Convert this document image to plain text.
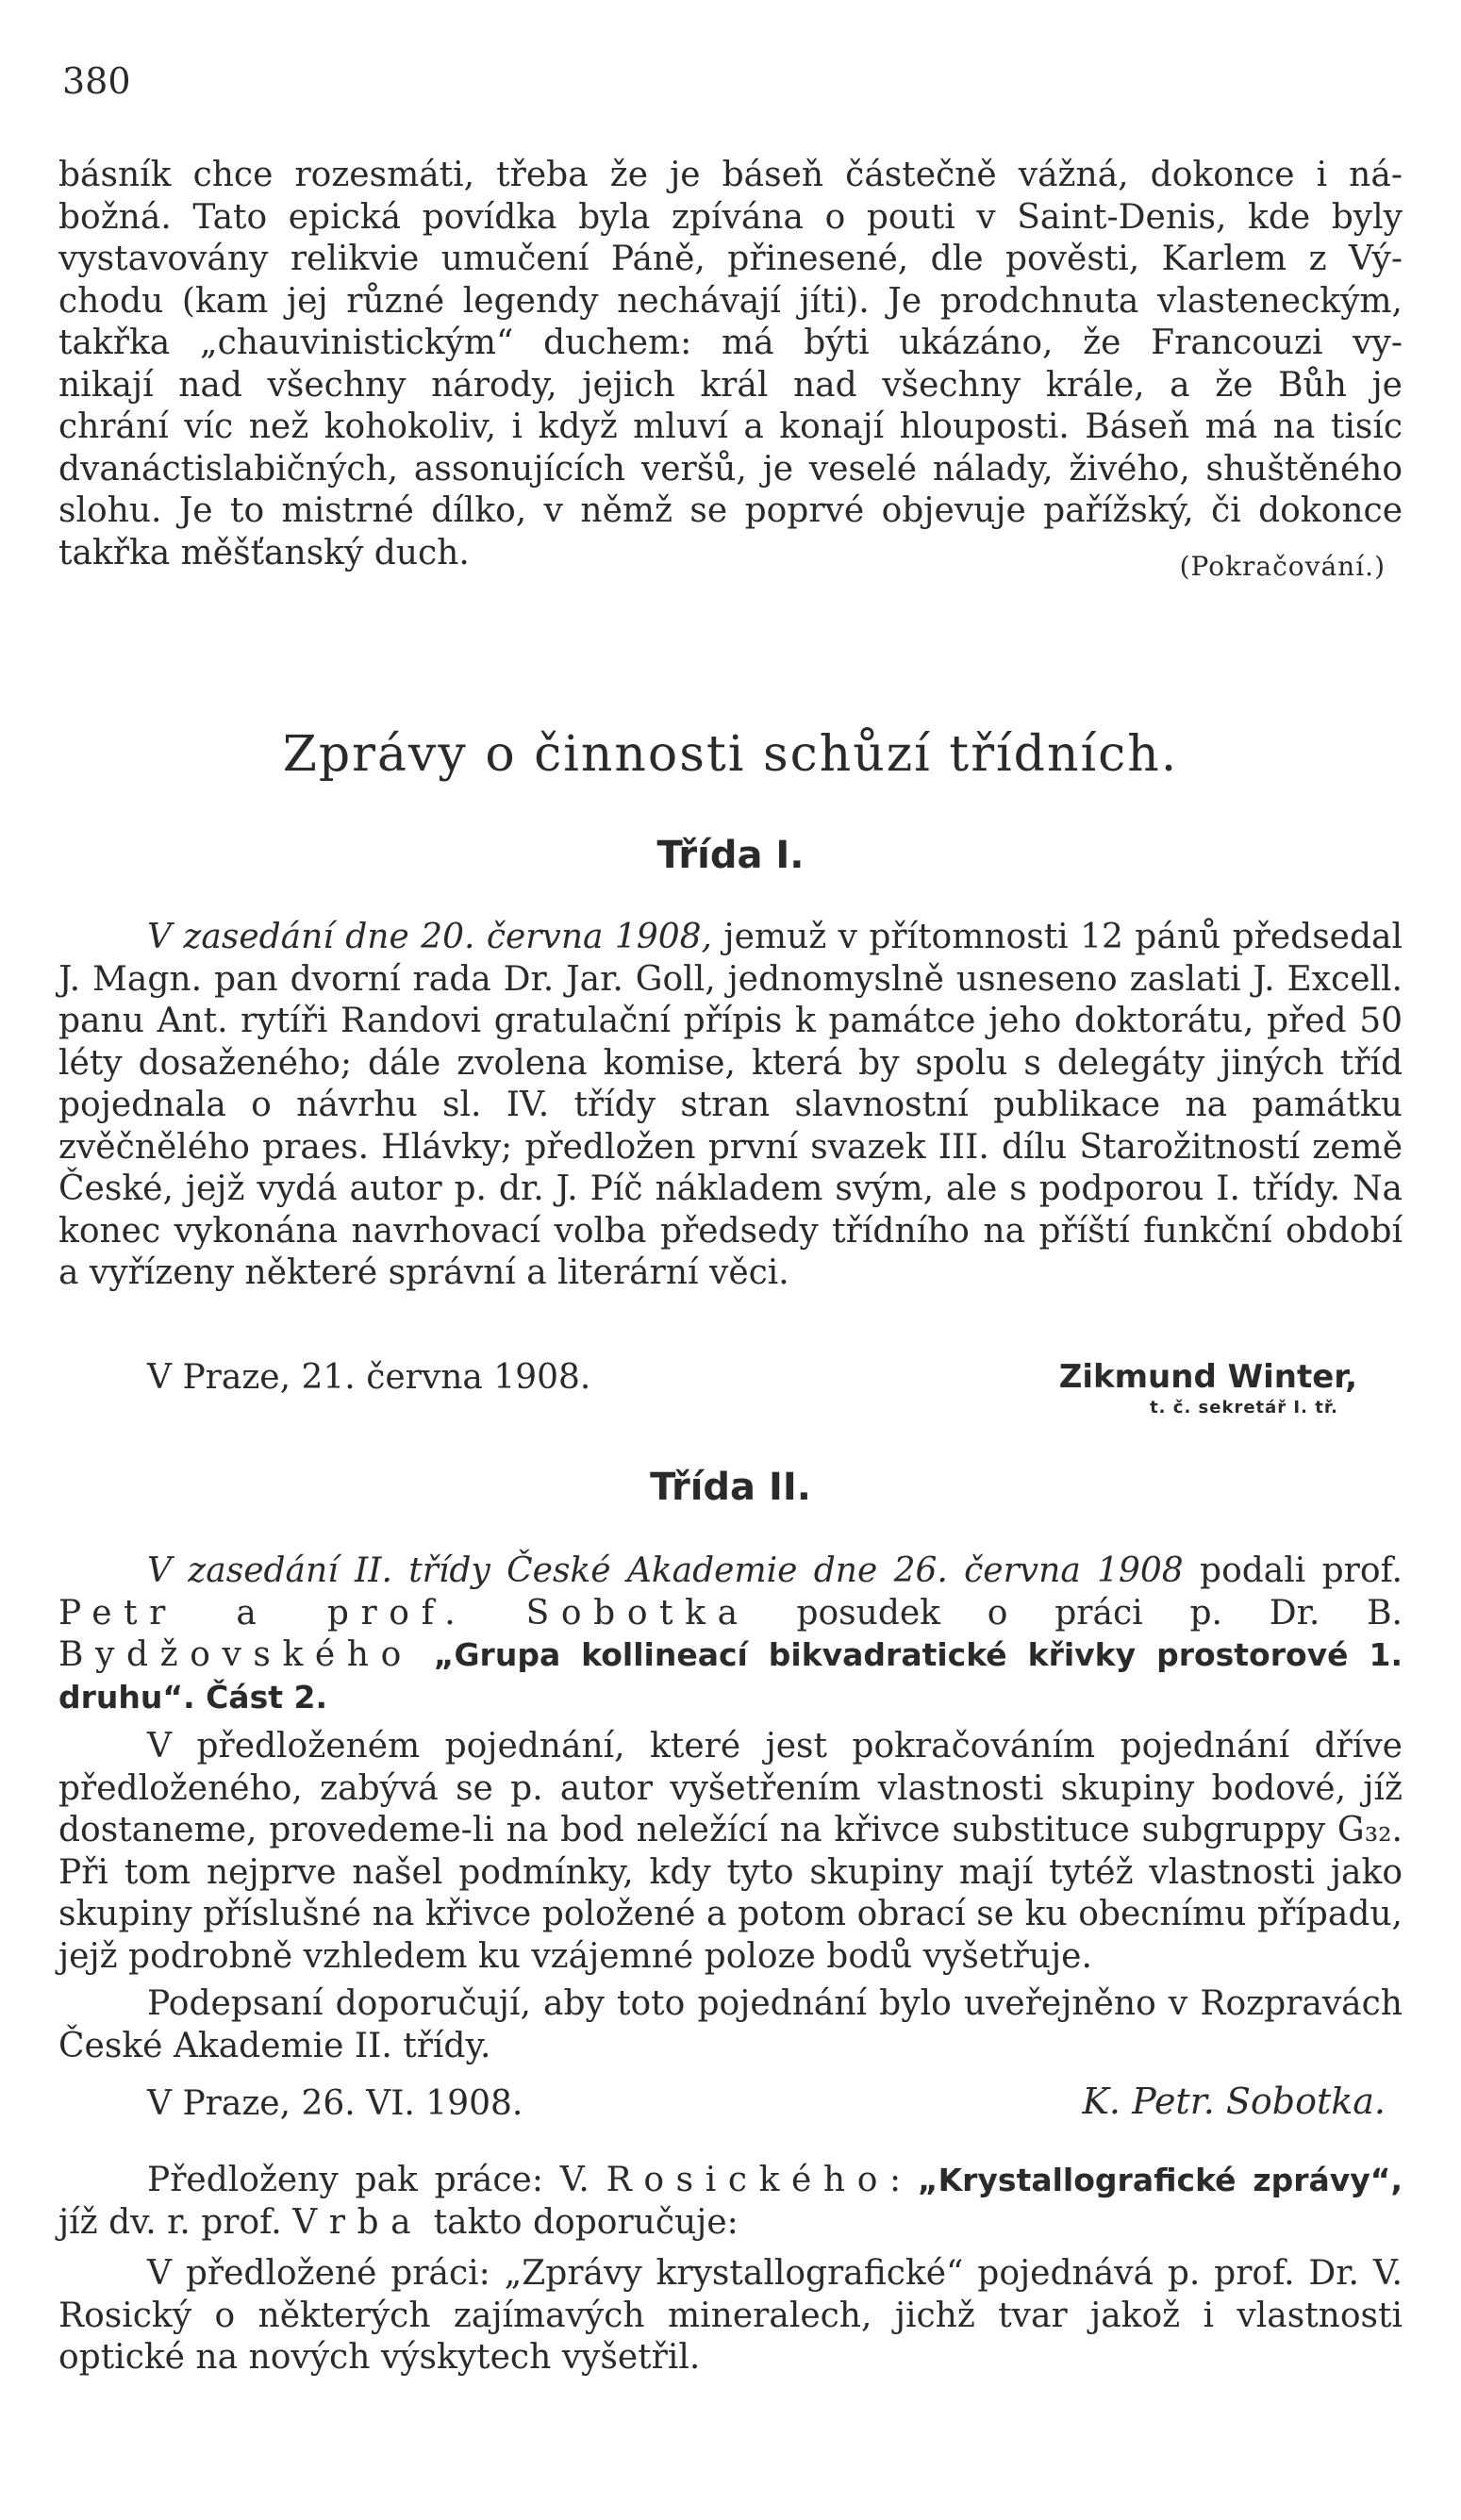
380
básník chce rozesmáti, třeba že je báseň částečně vážná, dokonce i ná-
božná. Tato epická povídka byla zpívána o pouti v Saint-Denis, kde byly
vystavovány relikvie umučení Páně, přinesené, dle pověsti, Karlem z Vý-
chodu (kam jej různé legendy nechávají jíti). Je prodchnuta vlasteneckým,
takřka „chauvinistickým“ duchem: má býti ukázáno, že Francouzi vy-
nikají nad všechny národy, jejich král nad všechny krále, a že Bůh je
chrání víc než kohokoliv, i když mluví a konají hlouposti. Báseň má na tisíc
dvanáctislabičných, assonujících veršů, je veselé nálady, živého, shuštěného
slohu. Je to mistrné dílko, v němž se poprvé objevuje pařížský, či dokonce
takřka měšťanský duch.	(Pokračování.)
Zprávy o činnosti schůzí třídních.
Třída I.

V zasedání dne 20. června 1908, jemuž v přítomnosti 12 pánů předsedal J. Magn. pan dvorní rada Dr. Jar. Goll, jednomyslně usneseno zaslati J. Excell. panu Ant. rytíři Randovi gratulační přípis k památce jeho doktorátu, před 50 léty dosaženého; dále zvolena komise, která by spolu s delegáty jiných tříd pojednala o návrhu sl. IV. třídy stran slavnostní publikace na památku zvěčnělého praes. Hlávky; předložen první svazek III. dílu Starožitností země České, jejž vydá autor p. dr. J. Píč nákladem svým, ale s podporou I. třídy. Na konec vykonána navrhovací volba předsedy třídního na příští funkční období a vyřízeny některé správní a literární věci.

V Praze, 21. června 1908.	Zikmund Winter,
t. č. sekretář I. tř.
Třída II.

V zasedání II. třídy České Akademie dne 26. června 1908 podali prof. Petr a prof. Sobotka posudek o práci p. Dr. B. Bydžovského „Grupa kollineací bikvadratické křivky prostorové 1. druhu“. Část 2.

V předloženém pojednání, které jest pokračováním pojednání dříve předloženého, zabývá se p. autor vyšetřením vlastnosti skupiny bodové, jíž dostaneme, provedeme-li na bod neležící na křivce substituce subgruppy G₃₂. Při tom nejprve našel podmínky, kdy tyto skupiny mají tytéž vlastnosti jako skupiny příslušné na křivce položené a potom obrací se ku obecnímu případu, jejž podrobně vzhledem ku vzájemné poloze bodů vyšetřuje.

Podepsaní doporučují, aby toto pojednání bylo uveřejněno v Rozpravách České Akademie II. třídy.

V Praze, 26. VI. 1908.	K. Petr. Sobotka.

Předloženy pak práce: V. Rosického: „Krystallografické zprávy“, jíž dv. r. prof. Vrba takto doporučuje:

V předložené práci: „Zprávy krystallografické“ pojednává p. prof. Dr. V. Rosický o některých zajímavých mineralech, jichž tvar jakož i vlastnosti optické na nových výskytech vyšetřil.
